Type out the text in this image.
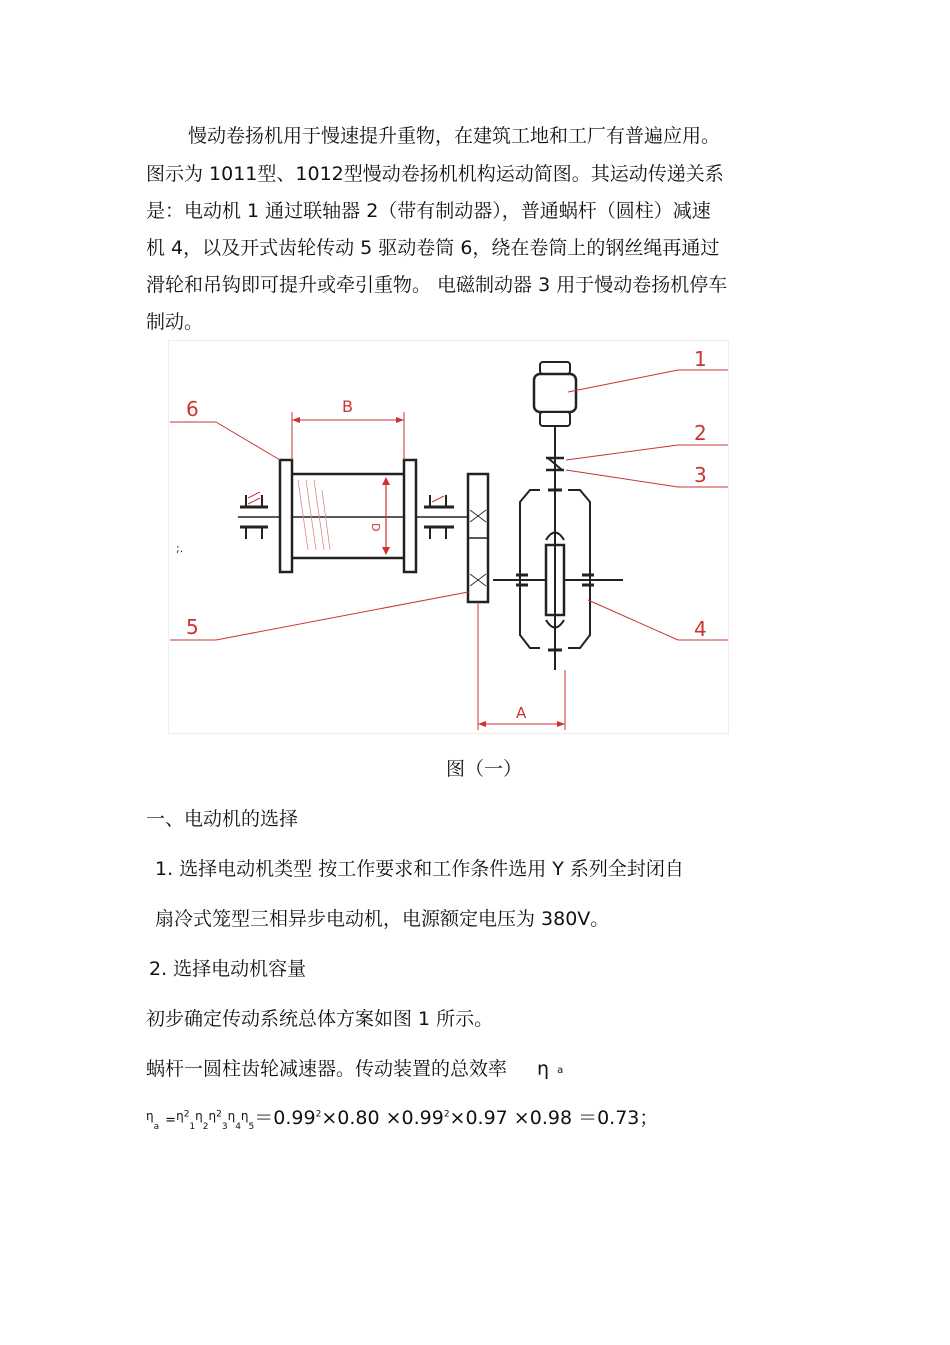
慢动卷扬机用于慢速提升重物，在建筑工地和工厂有普遍应用。
图示为 1011型、1012型慢动卷扬机机构运动简图。其运动传递关系
是：电动机 1 通过联轴器 2（带有制动器），普通蜗杆（圆柱）减速
机 4，以及开式齿轮传动 5 驱动卷筒 6，绕在卷筒上的钢丝绳再通过
滑轮和吊钩即可提升或牵引重物。 电磁制动器 3 用于慢动卷扬机停车
制动。
D
B
A
1
2
3
4
5
6
;.
图（一）
一、电动机的选择
1. 选择电动机类型 按工作要求和工作条件选用 Y 系列全封闭自
扇冷式笼型三相异步电动机，电源额定电压为 380V。
2. 选择电动机容量
初步确定传动系统总体方案如图 1 所示。
蜗杆一圆柱齿轮减速器。传动装置的总效率 η a
$^\eta_a =^{\eta 2}_1^\eta_2^{\eta 2}_3^\eta_4^\eta_5=0.99^2\times 0.80 \times 0.99^2\times 0.97 \times 0.98 =0.73$；
